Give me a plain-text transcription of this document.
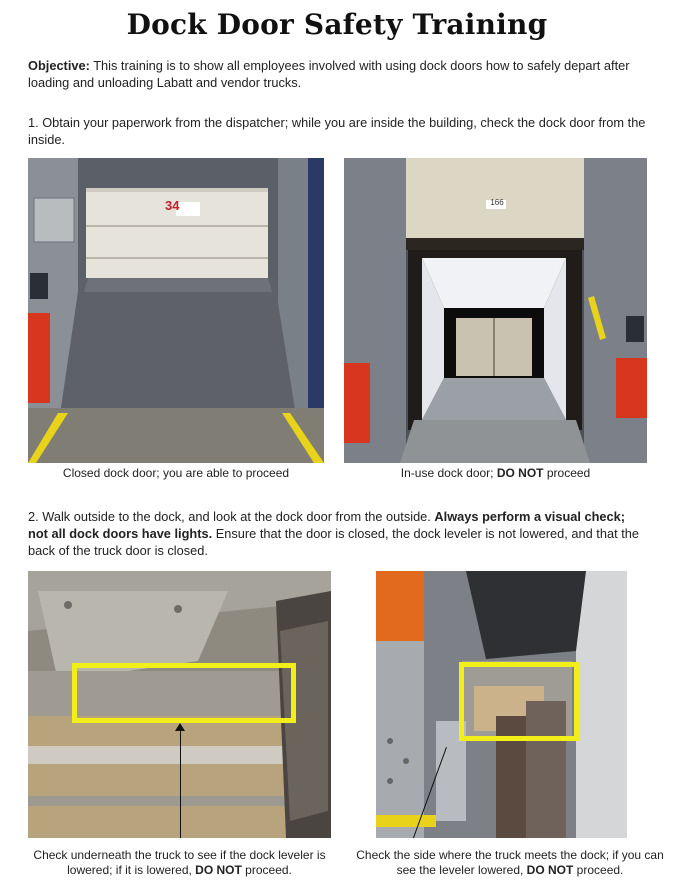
Dock Door Safety Training
Objective: This training is to show all employees involved with using dock doors how to safely depart after loading and unloading Labatt and vendor trucks.
1. Obtain your paperwork from the dispatcher; while you are inside the building, check the dock door from the inside.
34	166
Closed dock door; you are able to proceed	In-use dock door; DO NOT proceed
2. Walk outside to the dock, and look at the dock door from the outside. Always perform a visual check; not all dock doors have lights. Ensure that the door is closed, the dock leveler is not lowered, and that the back of the truck door is closed.
Check underneath the truck to see if the dock leveler is lowered; if it is lowered, DO NOT proceed.
Check the side where the truck meets the dock; if you can see the leveler lowered, DO NOT proceed.
